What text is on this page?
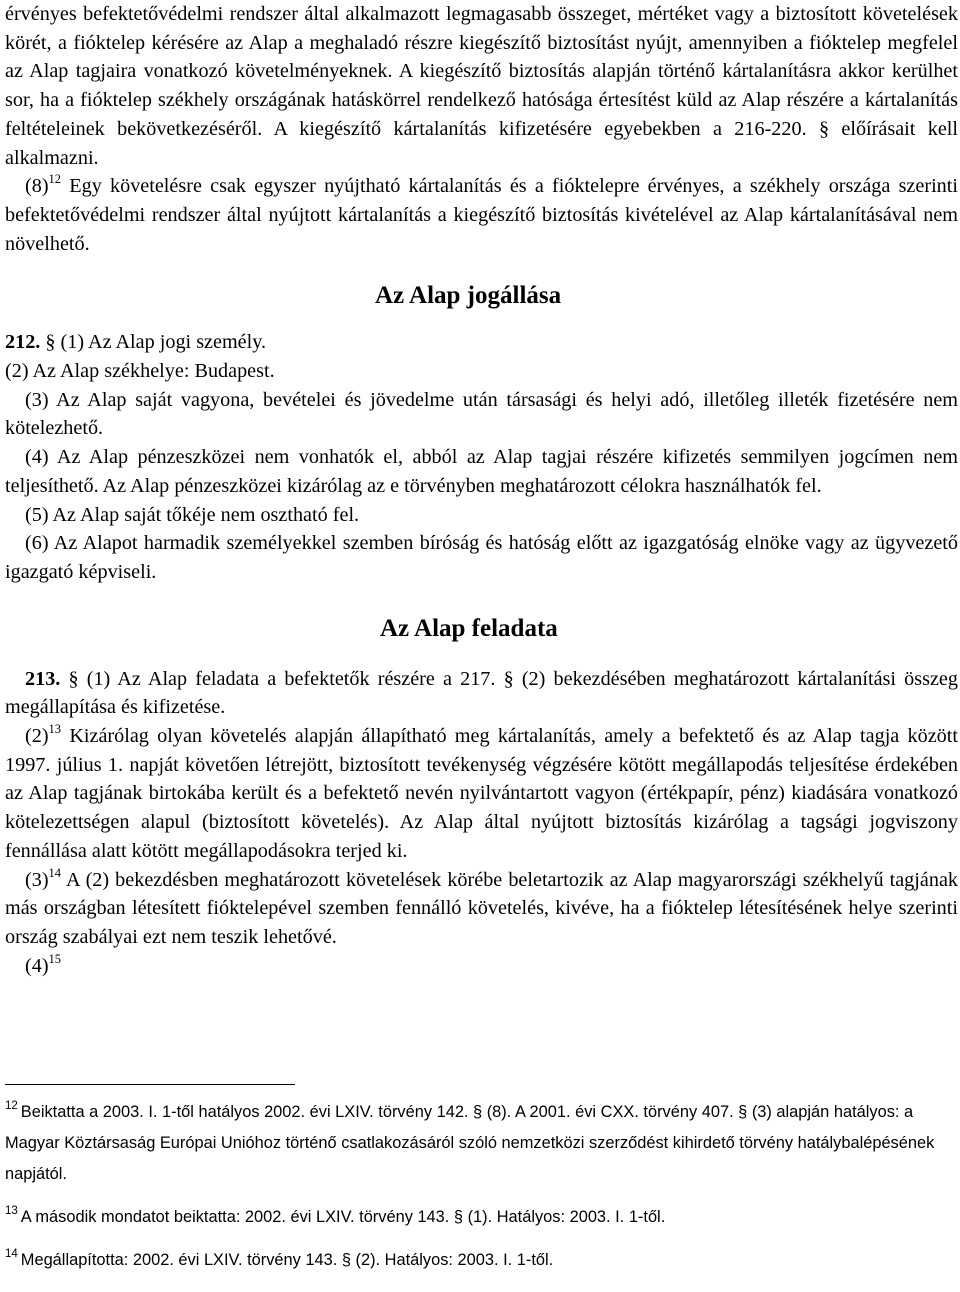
érvényes befektetővédelmi rendszer által alkalmazott legmagasabb összeget, mértéket vagy a biztosított követelések körét, a fióktelep kérésére az Alap a meghaladó részre kiegészítő biztosítást nyújt, amennyiben a fióktelep megfelel az Alap tagjaira vonatkozó követelményeknek. A kiegészítő biztosítás alapján történő kártalanításra akkor kerülhet sor, ha a fióktelep székhely országának hatáskörrel rendelkező hatósága értesítést küld az Alap részére a kártalanítás feltételeinek bekövetkezéséről. A kiegészítő kártalanítás kifizetésére egyebekben a 216-220. § előírásait kell alkalmazni.

$(8)^{12}$ Egy követelésre csak egyszer nyújtható kártalanítás és a fióktelepre érvényes, a székhely országa szerinti befektetővédelmi rendszer által nyújtott kártalanítás a kiegészítő biztosítás kivételével az Alap kártalanításával nem növelhető.

Az Alap jogállása

212. § (1) Az Alap jogi személy.

(2) Az Alap székhelye: Budapest.

(3) Az Alap saját vagyona, bevételei és jövedelme után társasági és helyi adó, illetőleg illeték fizetésére nem kötelezhető.

(4) Az Alap pénzeszközei nem vonhatók el, abból az Alap tagjai részére kifizetés semmilyen jogcímen nem teljesíthető. Az Alap pénzeszközei kizárólag az e törvényben meghatározott célokra használhatók fel.

(5) Az Alap saját tőkéje nem osztható fel.

(6) Az Alapot harmadik személyekkel szemben bíróság és hatóság előtt az igazgatóság elnöke vagy az ügyvezető igazgató képviseli.

Az Alap feladata

213. § (1) Az Alap feladata a befektetők részére a 217. § (2) bekezdésében meghatározott kártalanítási összeg megállapítása és kifizetése.

$(2)^{13}$ Kizárólag olyan követelés alapján állapítható meg kártalanítás, amely a befektető és az Alap tagja között 1997. július 1. napját követően létrejött, biztosított tevékenység végzésére kötött megállapodás teljesítése érdekében az Alap tagjának birtokába került és a befektető nevén nyilvántartott vagyon (értékpapír, pénz) kiadására vonatkozó kötelezettségen alapul (biztosított követelés). Az Alap által nyújtott biztosítás kizárólag a tagsági jogviszony fennállása alatt kötött megállapodásokra terjed ki.

$(3)^{14}$ A (2) bekezdésben meghatározott követelések körébe beletartozik az Alap magyarországi székhelyű tagjának más országban létesített fióktelepével szemben fennálló követelés, kivéve, ha a fióktelep létesítésének helye szerinti ország szabályai ezt nem teszik lehetővé.

$(4)^{15}$

$^{12}$ Beiktatta a 2003. I. 1-től hatályos 2002. évi LXIV. törvény 142. § (8). A 2001. évi CXX. törvény 407. § (3) alapján hatályos: a Magyar Köztársaság Európai Unióhoz történő csatlakozásáról szóló nemzetközi szerződést kihirdető törvény hatálybalépésének napjától.

$^{13}$ A második mondatot beiktatta: 2002. évi LXIV. törvény 143. § (1). Hatályos: 2003. I. 1-től.

$^{14}$ Megállapította: 2002. évi LXIV. törvény 143. § (2). Hatályos: 2003. I. 1-től.
